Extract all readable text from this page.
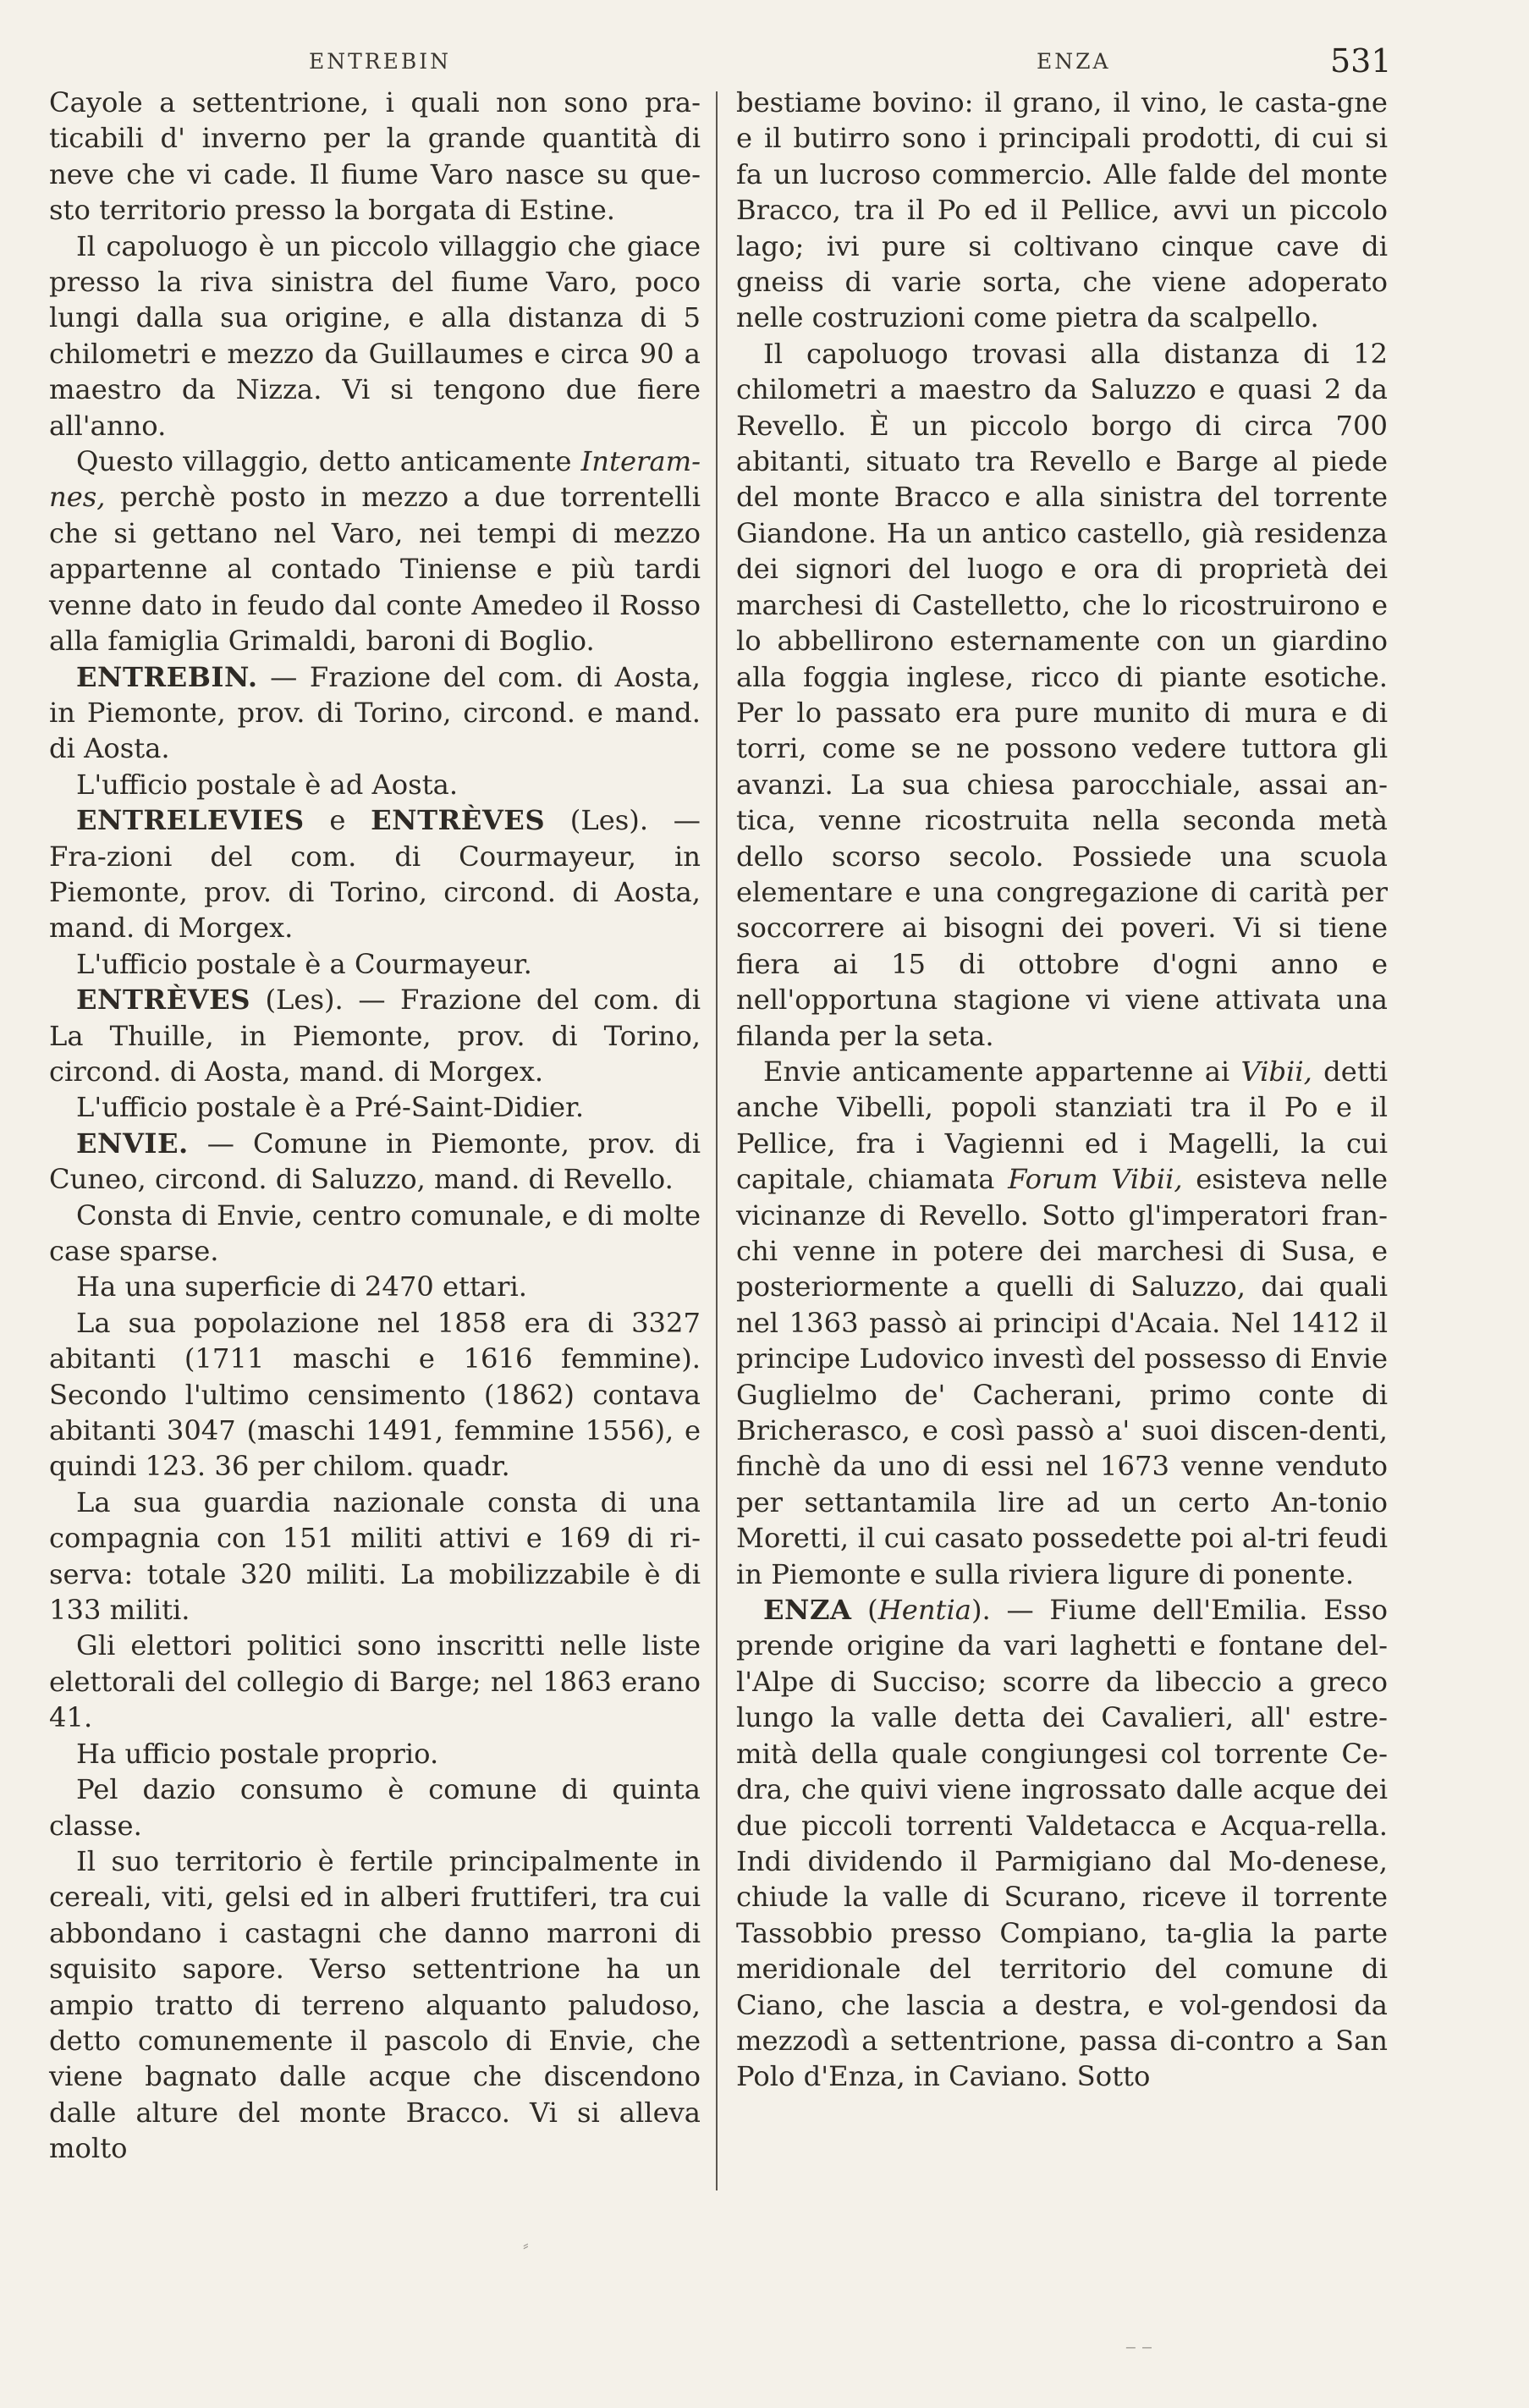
ENTREBIN	ENZA	531

Cayole a settentrione, i quali non sono pra-ticabili d' inverno per la grande quantità di neve che vi cade. Il fiume Varo nasce su que-sto territorio presso la borgata di Estine.

Il capoluogo è un piccolo villaggio che giace presso la riva sinistra del fiume Varo, poco lungi dalla sua origine, e alla distanza di 5 chilometri e mezzo da Guillaumes e circa 90 a maestro da Nizza. Vi si tengono due fiere all'anno.

Questo villaggio, detto anticamente Interam-nes, perchè posto in mezzo a due torrentelli che si gettano nel Varo, nei tempi di mezzo appartenne al contado Tiniense e più tardi venne dato in feudo dal conte Amedeo il Rosso alla famiglia Grimaldi, baroni di Boglio.

ENTREBIN. — Frazione del com. di Aosta, in Piemonte, prov. di Torino, circond. e mand. di Aosta.

L'ufficio postale è ad Aosta.

ENTRELEVIES e ENTRÈVES (Les). — Fra-zioni del com. di Courmayeur, in Piemonte, prov. di Torino, circond. di Aosta, mand. di Morgex.

L'ufficio postale è a Courmayeur.

ENTRÈVES (Les). — Frazione del com. di La Thuille, in Piemonte, prov. di Torino, circond. di Aosta, mand. di Morgex.

L'ufficio postale è a Pré-Saint-Didier.

ENVIE. — Comune in Piemonte, prov. di Cuneo, circond. di Saluzzo, mand. di Revello.

Consta di Envie, centro comunale, e di molte case sparse.

Ha una superficie di 2470 ettari.

La sua popolazione nel 1858 era di 3327 abitanti (1711 maschi e 1616 femmine). Secondo l'ultimo censimento (1862) contava abitanti 3047 (maschi 1491, femmine 1556), e quindi 123. 36 per chilom. quadr.

La sua guardia nazionale consta di una compagnia con 151 militi attivi e 169 di ri-serva: totale 320 militi. La mobilizzabile è di 133 militi.

Gli elettori politici sono inscritti nelle liste elettorali del collegio di Barge; nel 1863 erano 41.

Ha ufficio postale proprio.

Pel dazio consumo è comune di quinta classe.

Il suo territorio è fertile principalmente in cereali, viti, gelsi ed in alberi fruttiferi, tra cui abbondano i castagni che danno marroni di squisito sapore. Verso settentrione ha un ampio tratto di terreno alquanto paludoso, detto comunemente il pascolo di Envie, che viene bagnato dalle acque che discendono dalle alture del monte Bracco. Vi si alleva molto

bestiame bovino: il grano, il vino, le casta-gne e il butirro sono i principali prodotti, di cui si fa un lucroso commercio. Alle falde del monte Bracco, tra il Po ed il Pellice, avvi un piccolo lago; ivi pure si coltivano cinque cave di gneiss di varie sorta, che viene adoperato nelle costruzioni come pietra da scalpello.

Il capoluogo trovasi alla distanza di 12 chilometri a maestro da Saluzzo e quasi 2 da Revello. È un piccolo borgo di circa 700 abitanti, situato tra Revello e Barge al piede del monte Bracco e alla sinistra del torrente Giandone. Ha un antico castello, già residenza dei signori del luogo e ora di proprietà dei marchesi di Castelletto, che lo ricostruirono e lo abbellirono esternamente con un giardino alla foggia inglese, ricco di piante esotiche. Per lo passato era pure munito di mura e di torri, come se ne possono vedere tuttora gli avanzi. La sua chiesa parocchiale, assai an-tica, venne ricostruita nella seconda metà dello scorso secolo. Possiede una scuola elementare e una congregazione di carità per soccorrere ai bisogni dei poveri. Vi si tiene fiera ai 15 di ottobre d'ogni anno e nell'opportuna stagione vi viene attivata una filanda per la seta.

Envie anticamente appartenne ai Vibii, detti anche Vibelli, popoli stanziati tra il Po e il Pellice, fra i Vagienni ed i Magelli, la cui capitale, chiamata Forum Vibii, esisteva nelle vicinanze di Revello. Sotto gl'imperatori fran-chi venne in potere dei marchesi di Susa, e posteriormente a quelli di Saluzzo, dai quali nel 1363 passò ai principi d'Acaia. Nel 1412 il principe Ludovico investì del possesso di Envie Guglielmo de' Cacherani, primo conte di Bricherasco, e così passò a' suoi discen-denti, finchè da uno di essi nel 1673 venne venduto per settantamila lire ad un certo An-tonio Moretti, il cui casato possedette poi al-tri feudi in Piemonte e sulla riviera ligure di ponente.

ENZA (Hentia). — Fiume dell'Emilia. Esso prende origine da vari laghetti e fontane del-l'Alpe di Succiso; scorre da libeccio a greco lungo la valle detta dei Cavalieri, all' estre-mità della quale congiungesi col torrente Ce-dra, che quivi viene ingrossato dalle acque dei due piccoli torrenti Valdetacca e Acqua-rella. Indi dividendo il Parmigiano dal Mo-denese, chiude la valle di Scurano, riceve il torrente Tassobbio presso Compiano, ta-glia la parte meridionale del territorio del comune di Ciano, che lascia a destra, e vol-gendosi da mezzodì a settentrione, passa di-contro a San Polo d'Enza, in Caviano. Sotto

⸗
‒ ‒
